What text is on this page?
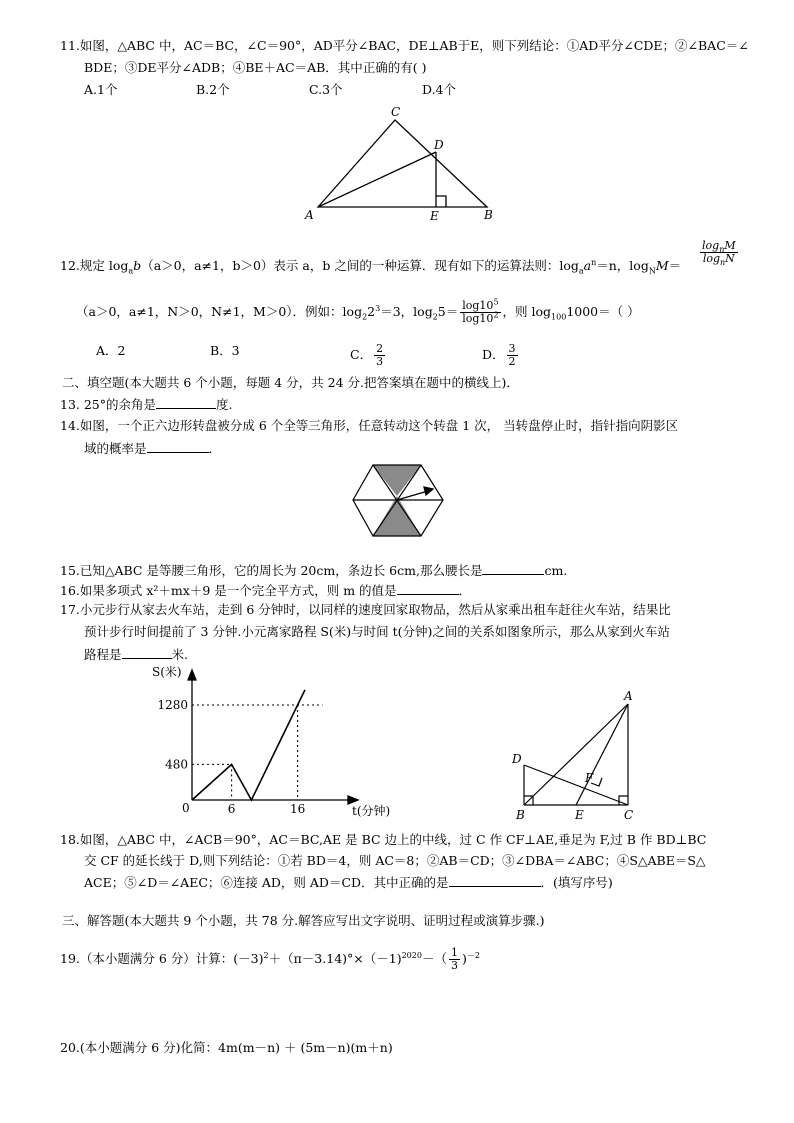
11.如图，△ABC 中，AC＝BC，∠C＝90°，AD平分∠BAC，DE⊥AB于E，则下列结论：①AD平分∠CDE；②∠BAC＝∠
BDE；③DE平分∠ADB；④BE＋AC＝AB．其中正确的有( )
A.1个	B.2个	C.3个	D.4个
C
D
A	E	B
12.规定 $\log_ab(a>0$，a≠1，b＞0）表示 a，b 之间的一种运算．现有如下的运算法则：$\log_aa^n=n$，$\log_NM=$
$\frac{\log_nM}{\log_nN}$
（a＞0，a≠1，N＞0，N≠1，M＞0）．例如：$\log_22^3=3$，$\log_25= \frac{\log 10^5}{\log 10^2}$ ，则 $\log_{100}1000=$（ ）
A．2	B．3	C． $\frac{2}{3}$	D． $\frac{3}{2}$
二、填空题(本大题共 6 个小题，每题 4 分，共 24 分.把答案填在题中的横线上)．
13. 25°的余角是	度.
14.如图，一个正六边形转盘被分成 6 个全等三角形，任意转动这个转盘 1 次， 当转盘停止时，指针指向阴影区
域的概率是	．
15.已知△ABC 是等腰三角形，它的周长为 20cm，条边长 6cm,那么腰长是	cm.
16.如果多项式 x²＋mx＋9 是一个完全平方式，则 m 的值是	．
17.小元步行从家去火车站，走到 6 分钟时，以同样的速度回家取物品，然后从家乘出租车赶往火车站，结果比
预计步行时间提前了 3 分钟.小元离家路程 S(米)与时间 t(分钟)之间的关系如图象所示，那么从家到火车站
路程是	米.
S(米)
t(分钟)
0	6	16
480
1280
A
D
F
B	E	C
18.如图，△ABC 中，∠ACB＝90°，AC＝BC,AE 是 BC 边上的中线，过 C 作 CF⊥AE,垂足为 F,过 B 作 BD⊥BC
交 CF 的延长线于 D,则下列结论：①若 BD＝4，则 AC＝8；②AB＝CD；③∠DBA＝∠ABC；④S△ABE＝S△
ACE；⑤∠D＝∠AEC；⑥连接 AD，则 AD＝CD．其中正确的是	．(填写序号)
三、解答题(本大题共 9 个小题，共 78 分.解答应写出文字说明、证明过程或演算步骤.)
19.（本小题满分 6 分）计算：$(-3)^2+(\pi-3.14)^\circ\times(-1)^{2020}-( \frac{1}{3} )^{-2}$
20.(本小题满分 6 分)化简：4m(m－n) ＋ (5m－n)(m＋n)
